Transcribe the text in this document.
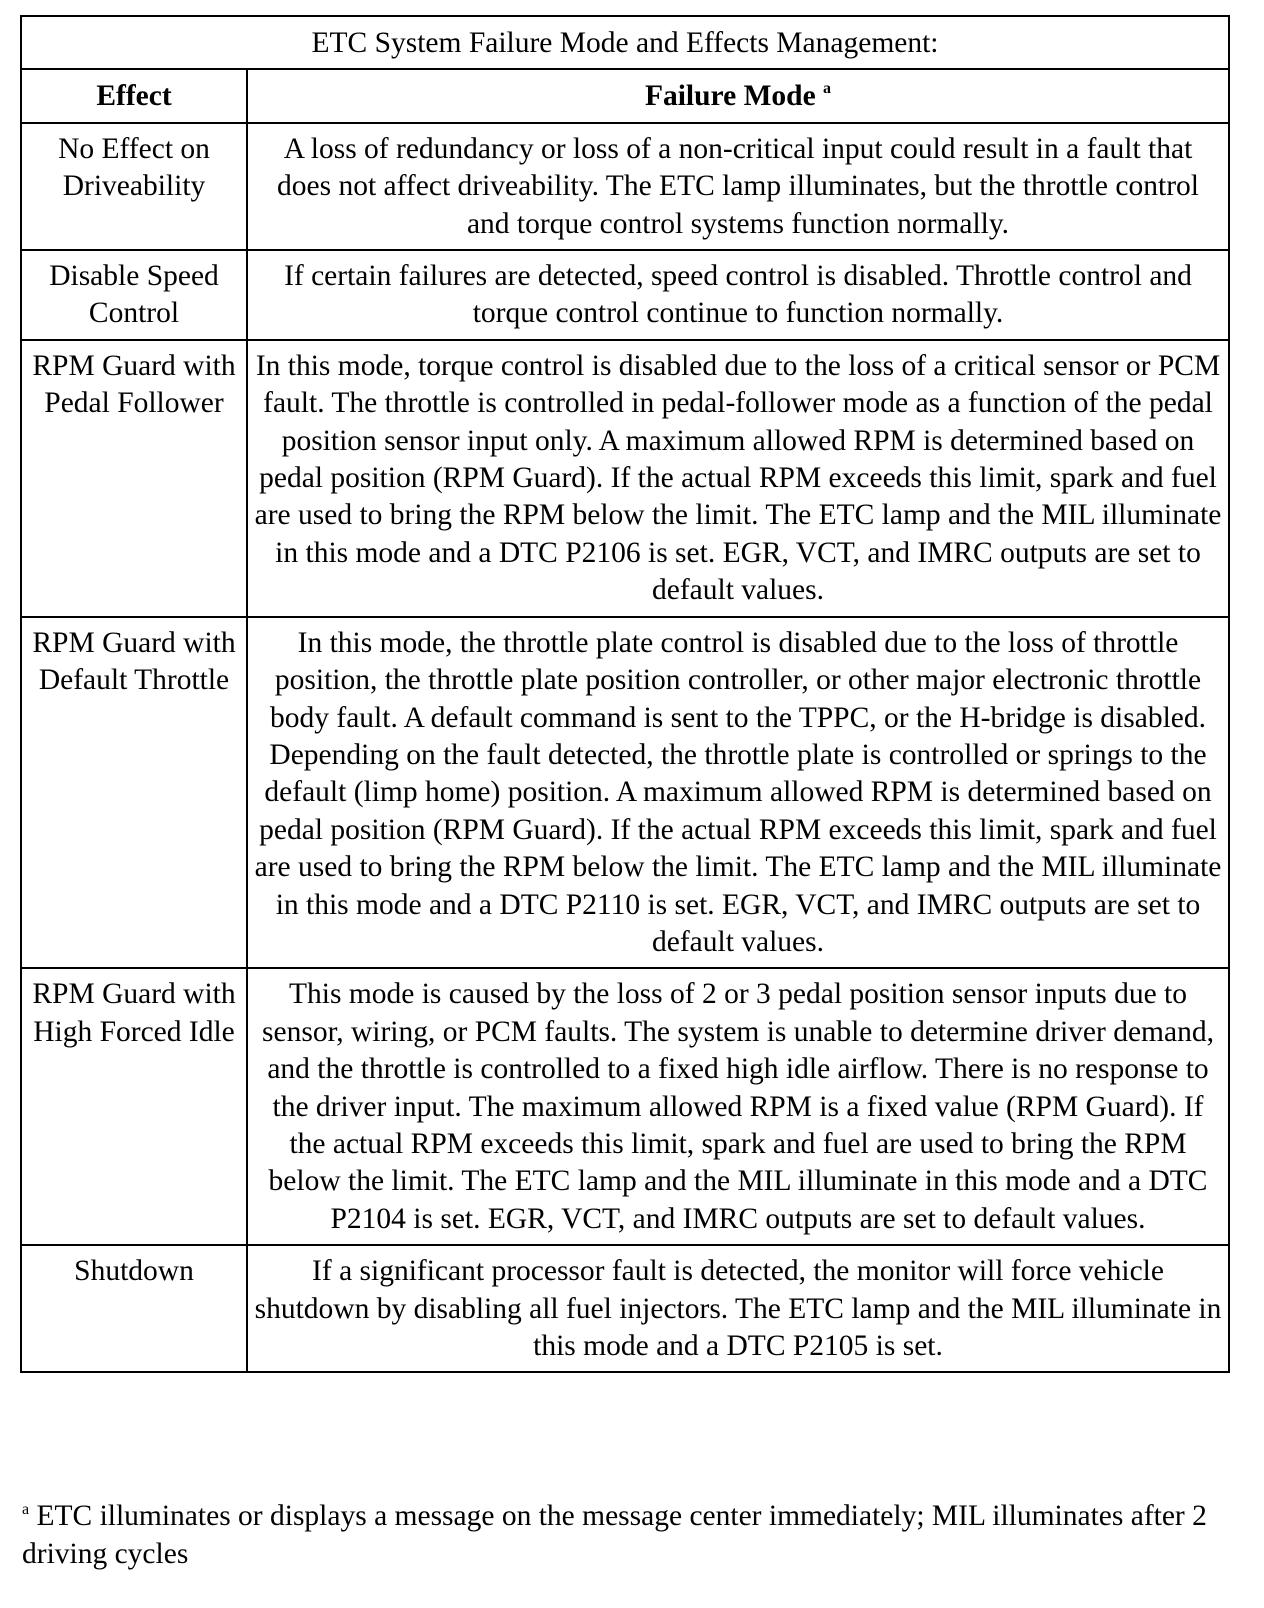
ETC System Failure Mode and Effects Management:	
Effect	Failure Mode $^a$
No Effect on Driveability	A loss of redundancy or loss of a non-critical input could result in a fault that does not affect driveability. The ETC lamp illuminates, but the throttle control and torque control systems function normally.
Disable Speed Control	If certain failures are detected, speed control is disabled. Throttle control and torque control continue to function normally.
RPM Guard with Pedal Follower	In this mode, torque control is disabled due to the loss of a critical sensor or PCM fault. The throttle is controlled in pedal-follower mode as a function of the pedal position sensor input only. A maximum allowed RPM is determined based on pedal position (RPM Guard). If the actual RPM exceeds this limit, spark and fuel are used to bring the RPM below the limit. The ETC lamp and the MIL illuminate in this mode and a DTC P2106 is set. EGR, VCT, and IMRC outputs are set to default values.
RPM Guard with Default Throttle	In this mode, the throttle plate control is disabled due to the loss of throttle position, the throttle plate position controller, or other major electronic throttle body fault. A default command is sent to the TPPC, or the H-bridge is disabled. Depending on the fault detected, the throttle plate is controlled or springs to the default (limp home) position. A maximum allowed RPM is determined based on pedal position (RPM Guard). If the actual RPM exceeds this limit, spark and fuel are used to bring the RPM below the limit. The ETC lamp and the MIL illuminate in this mode and a DTC P2110 is set. EGR, VCT, and IMRC outputs are set to default values.
RPM Guard with High Forced Idle	This mode is caused by the loss of 2 or 3 pedal position sensor inputs due to sensor, wiring, or PCM faults. The system is unable to determine driver demand, and the throttle is controlled to a fixed high idle airflow. There is no response to the driver input. The maximum allowed RPM is a fixed value (RPM Guard). If the actual RPM exceeds this limit, spark and fuel are used to bring the RPM below the limit. The ETC lamp and the MIL illuminate in this mode and a DTC P2104 is set. EGR, VCT, and IMRC outputs are set to default values.
Shutdown	If a significant processor fault is detected, the monitor will force vehicle shutdown by disabling all fuel injectors. The ETC lamp and the MIL illuminate in this mode and a DTC P2105 is set.
$^a$ ETC illuminates or displays a message on the message center immediately; MIL illuminates after 2 driving cycles
